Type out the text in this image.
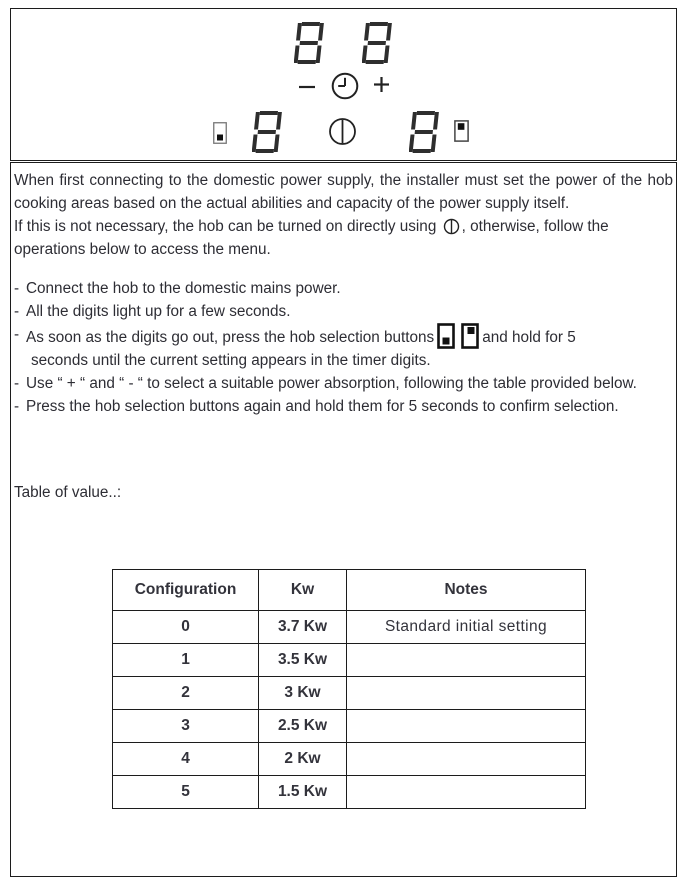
When first connecting to the domestic power supply, the installer must set the power of the hob
cooking areas based on the actual abilities and capacity of the power supply itself.
If this is not necessary, the hob can be turned on directly using
, otherwise, follow the
operations below to access the menu.
- Connect the hob to the domestic mains power.
- All the digits light up for a few seconds.
- As soon as the digits go out, press the hob selection buttons	and hold for 5
seconds until the current setting appears in the timer digits.
- Use “ + “ and “ - “ to select a suitable power absorption, following the table provided below.
- Press the hob selection buttons again and hold them for 5 seconds to confirm selection.
Table of value..:
Configuration	Kw	Notes
0	3.7 Kw	Standard initial setting
1	3.5 Kw	
2	3 Kw	
3	2.5 Kw	
4	2 Kw	
5	1.5 Kw	
